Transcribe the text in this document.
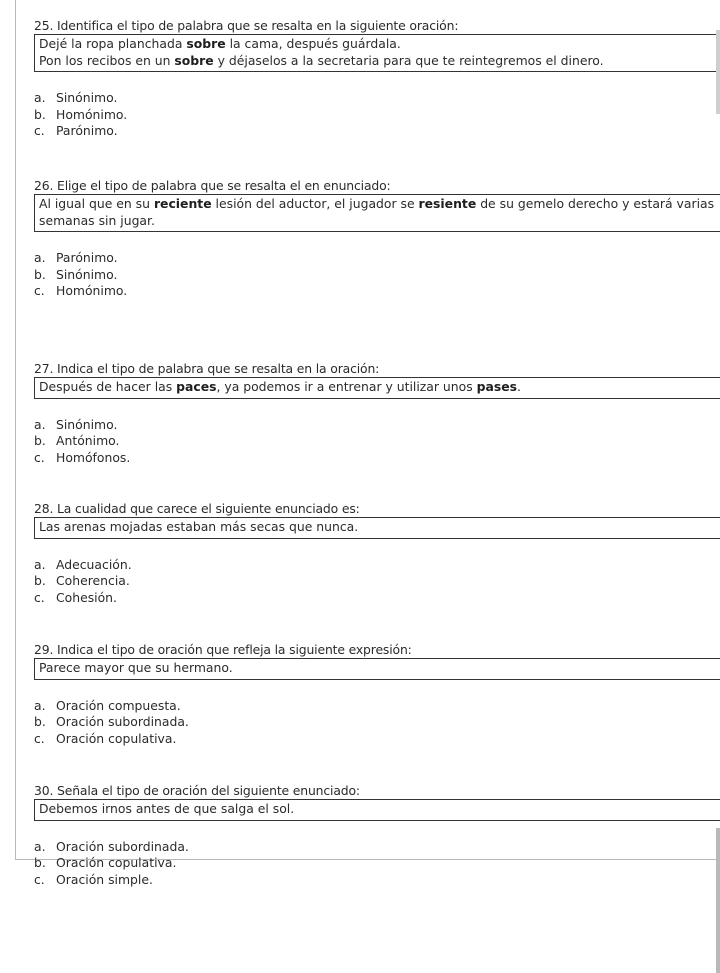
25. Identifica el tipo de palabra que se resalta en la siguiente oración:

Dejé la ropa planchada sobre la cama, después guárdala.
Pon los recibos en un sobre y déjaselos a la secretaria para que te reintegremos el dinero.
a. Sinónimo.
b. Homónimo.
c. Parónimo.

26. Elige el tipo de palabra que se resalta el en enunciado:

Al igual que en su reciente lesión del aductor, el jugador se resiente de su gemelo derecho y estará varias semanas sin jugar.
a. Parónimo.
b. Sinónimo.
c. Homónimo.

27. Indica el tipo de palabra que se resalta en la oración:

Después de hacer las paces, ya podemos ir a entrenar y utilizar unos pases.
a. Sinónimo.
b. Antónimo.
c. Homófonos.

28. La cualidad que carece el siguiente enunciado es:

Las arenas mojadas estaban más secas que nunca.
a. Adecuación.
b. Coherencia.
c. Cohesión.

29. Indica el tipo de oración que refleja la siguiente expresión:

Parece mayor que su hermano.
a. Oración compuesta.
b. Oración subordinada.
c. Oración copulativa.

30. Señala el tipo de oración del siguiente enunciado:

Debemos irnos antes de que salga el sol.
a. Oración subordinada.
b. Oración copulativa.
c. Oración simple.
